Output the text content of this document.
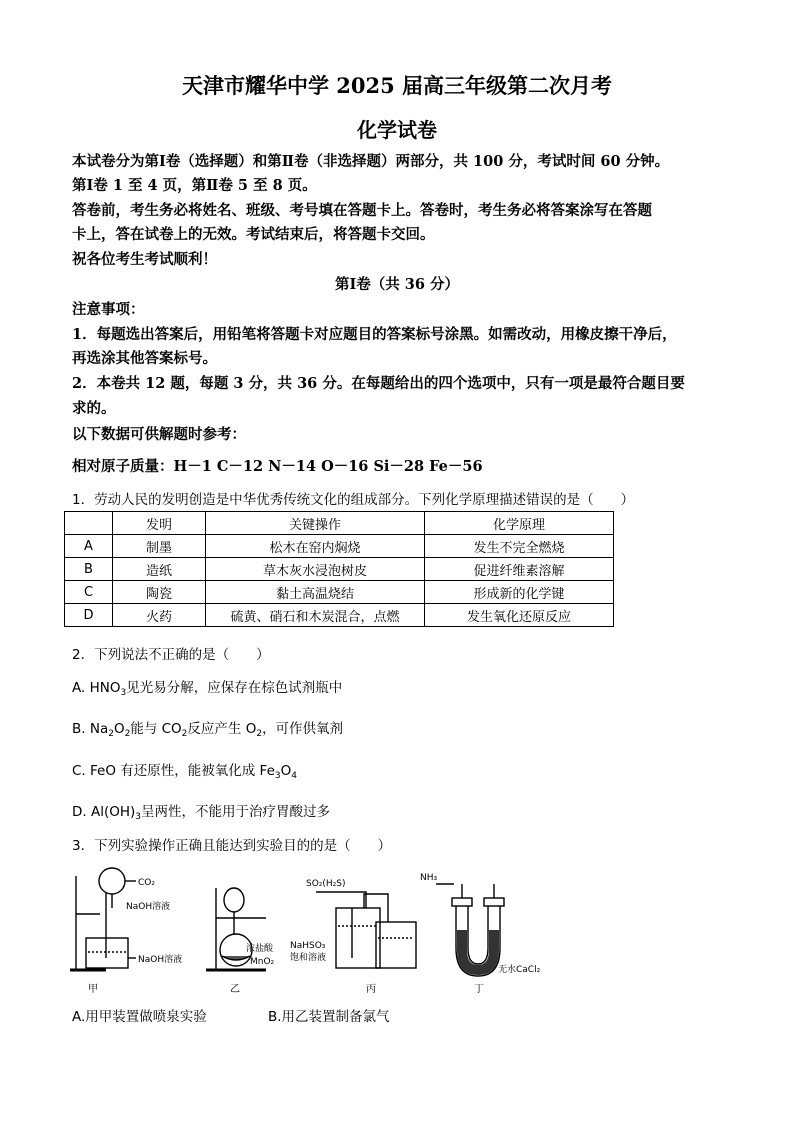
天津市耀华中学 2025 届高三年级第二次月考
化学试卷
本试卷分为第Ⅰ卷（选择题）和第Ⅱ卷（非选择题）两部分，共 100 分，考试时间 60 分钟。
第Ⅰ卷 1 至 4 页，第Ⅱ卷 5 至 8 页。
答卷前，考生务必将姓名、班级、考号填在答题卡上。答卷时，考生务必将答案涂写在答题
卡上，答在试卷上的无效。考试结束后，将答题卡交回。
祝各位考生考试顺利！
第Ⅰ卷（共 36 分）
注意事项：
1．每题选出答案后，用铅笔将答题卡对应题目的答案标号涂黑。如需改动，用橡皮擦干净后，
再选涂其他答案标号。
2．本卷共 12 题，每题 3 分，共 36 分。在每题给出的四个选项中，只有一项是最符合题目要
求的。
以下数据可供解题时参考：
相对原子质量：H－1 C－12 N－14 O－16 Si－28 Fe－56
1．劳动人民的发明创造是中华优秀传统文化的组成部分。下列化学原理描述错误的是（　　）
	发明	关键操作	化学原理
A	制墨	松木在窑内焖烧	发生不完全燃烧
B	造纸	草木灰水浸泡树皮	促进纤维素溶解
C	陶瓷	黏土高温烧结	形成新的化学键
D	火药	硫黄、硝石和木炭混合，点燃	发生氧化还原反应
2．下列说法不正确的是（　　）
A. $HNO_3$见光易分解，应保存在棕色试剂瓶中
B. $Na_2O_2$能与 $CO_2$反应产生 $O_2$，可作供氧剂
C. FeO 有还原性，能被氧化成 $Fe_3O_4$
D. $Al(OH)_3$呈两性，不能用于治疗胃酸过多
3．下列实验操作正确且能达到实验目的的是（　　）
CO₂
NaOH溶液
NaOH溶液
甲
浓盐酸
MnO₂
乙
SO₂(H₂S)
NaHSO₃
饱和溶液
丙
NH₃
无水CaCl₂
丁
A.用甲装置做喷泉实验	B.用乙装置制备氯气
